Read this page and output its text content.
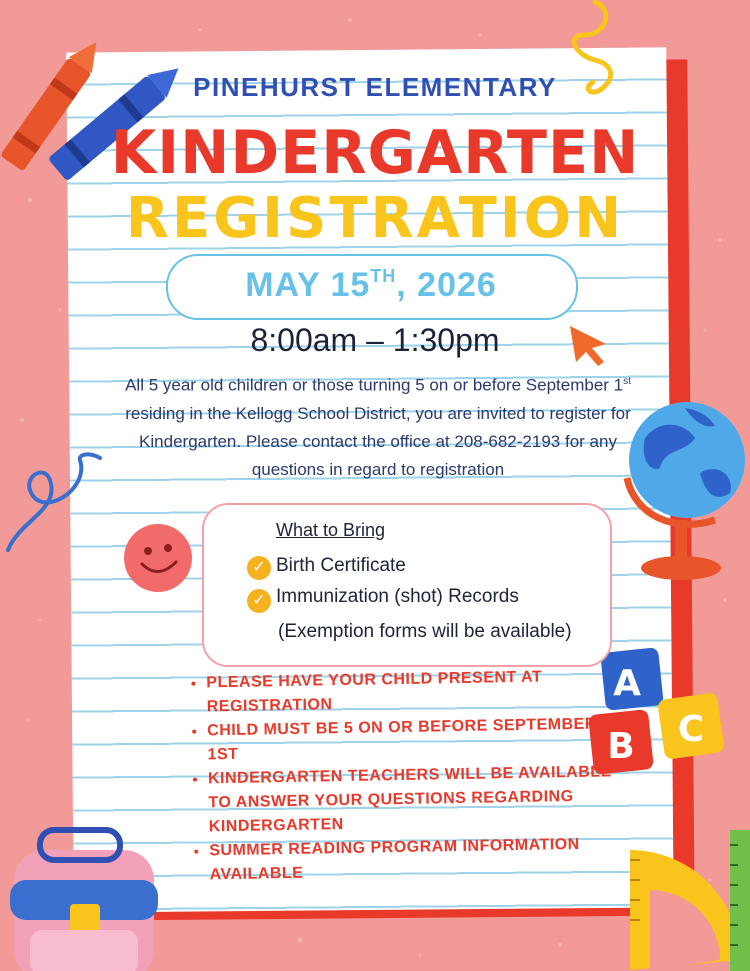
A
B C
PINEHURST ELEMENTARY
KINDERGARTEN
REGISTRATION
MAY 15TH, 2026
8:00am – 1:30pm
All 5 year old children or those turning 5 on or before September 1st residing in the Kellogg School District, you are invited to register for Kindergarten. Please contact the office at 208-682-2193 for any questions in regard to registration
What to Bring
✓ Birth Certificate
✓ Immunization (shot) Records
(Exemption forms will be available)
• PLEASE HAVE YOUR CHILD PRESENT AT REGISTRATION
• CHILD MUST BE 5 ON OR BEFORE SEPTEMBER 1ST
• KINDERGARTEN TEACHERS WILL BE AVAILABLE TO ANSWER YOUR QUESTIONS REGARDING KINDERGARTEN
• SUMMER READING PROGRAM INFORMATION AVAILABLE
